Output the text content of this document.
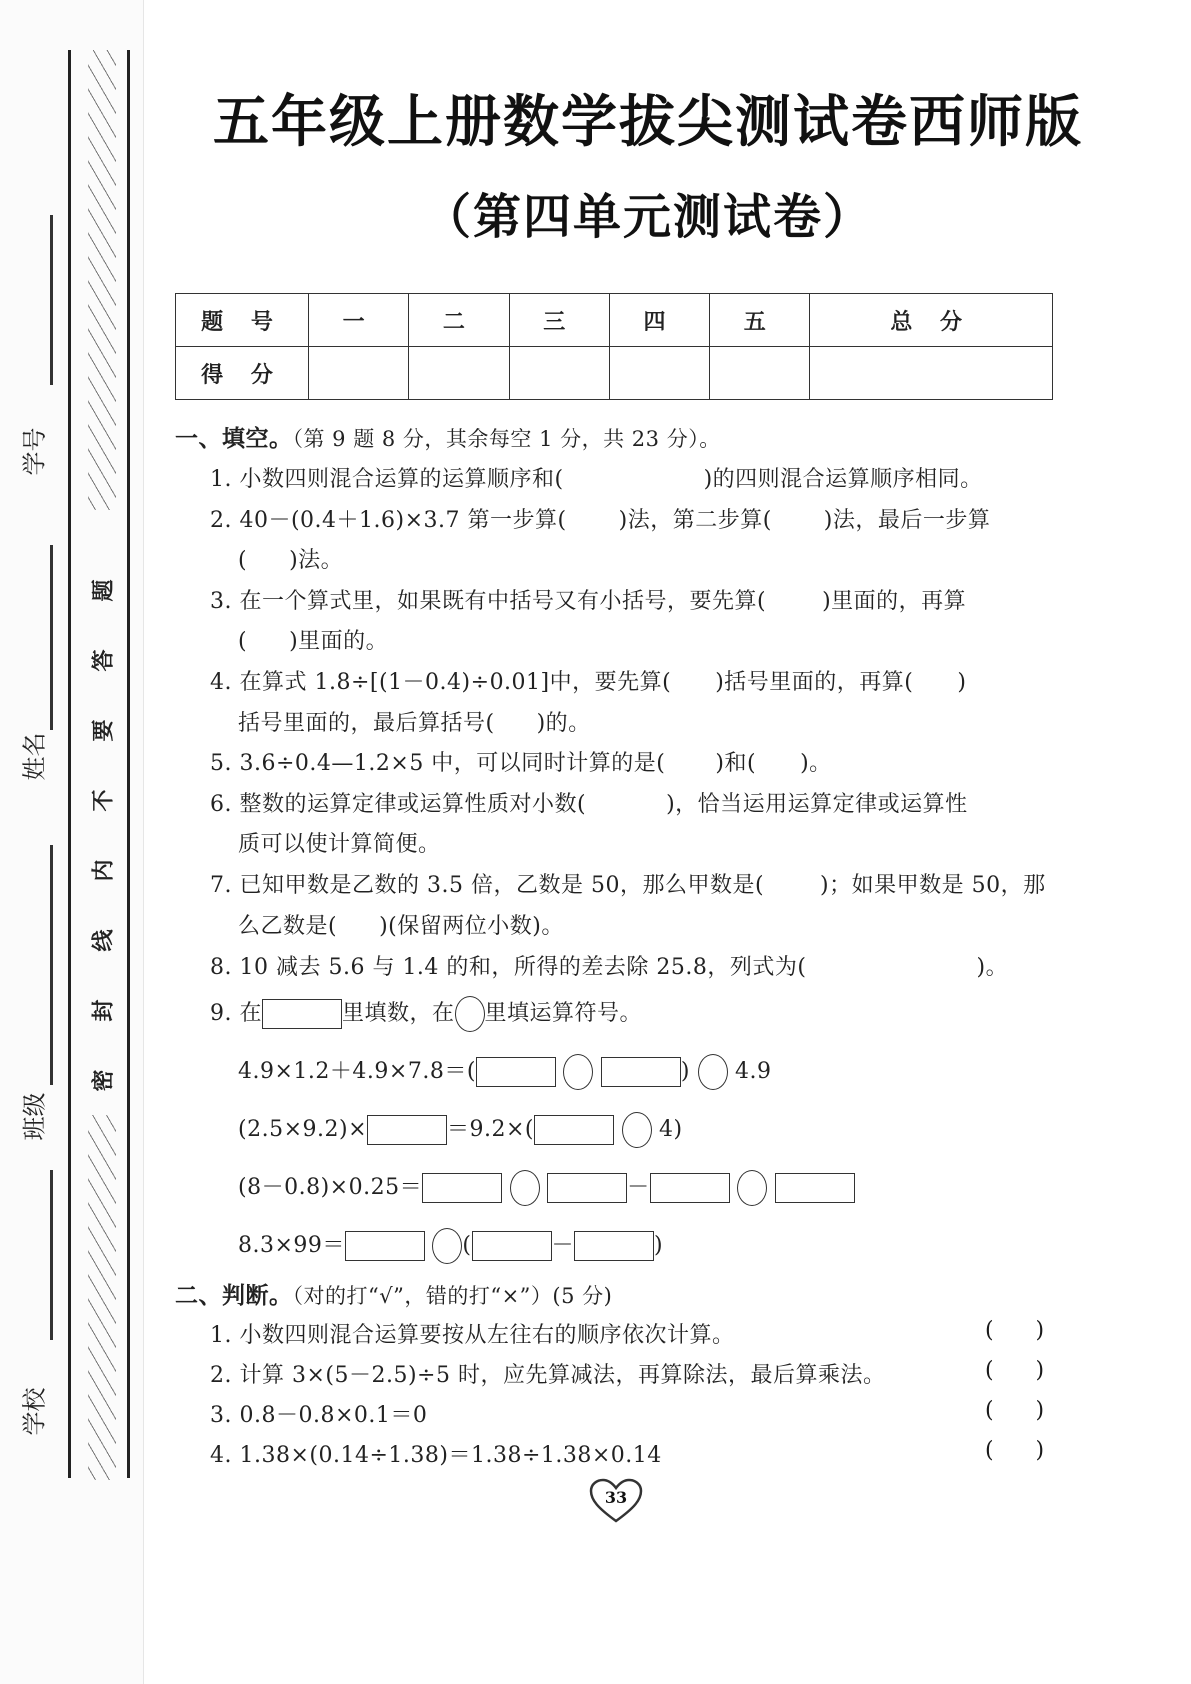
题
答
要
不
内
线
封
密
学号
姓名
班级
学校
五年级上册数学拔尖测试卷西师版
（第四单元测试卷）
题 号	一	二	三	四	五	总 分
得 分						
一、填空。（第 9 题 8 分，其余每空 1 分，共 23 分）。
1. 小数四则混合运算的运算顺序和(	)的四则混合运算顺序相同。
2. 40－(0.4＋1.6)×3.7 第一步算( )法，第二步算( )法，最后一步算
( )法。
3. 在一个算式里，如果既有中括号又有小括号，要先算(	)里面的，再算
( )里面的。
4. 在算式 1.8÷[(1－0.4)÷0.01]中，要先算( )括号里面的，再算( )
括号里面的，最后算括号( )的。
5. 3.6÷0.4—1.2×5 中，可以同时计算的是( )和( )。
6. 整数的运算定律或运算性质对小数(	)，恰当运用运算定律或运算性
质可以使计算简便。
7. 已知甲数是乙数的 3.5 倍，乙数是 50，那么甲数是(	)；如果甲数是 50，那
么乙数是( )(保留两位小数)。
8. 10 减去 5.6 与 1.4 的和，所得的差去除 25.8，列式为(	)。
9. 在	里填数，在 里填运算符号。
4.9×1.2＋4.9×7.8＝(	) 4.9
(2.5×9.2)×	＝9.2×(	4)
(8－0.8)×0.25＝	－
8.3×99＝	(	－	)
二、判断。（对的打“√”，错的打“×”）(5 分)
1. 小数四则混合运算要按从左往右的顺序依次计算。	(      )
2. 计算 3×(5－2.5)÷5 时，应先算减法，再算除法，最后算乘法。	(      )
3. 0.8－0.8×0.1＝0	(      )
4. 1.38×(0.14÷1.38)＝1.38÷1.38×0.14	(      )
33
